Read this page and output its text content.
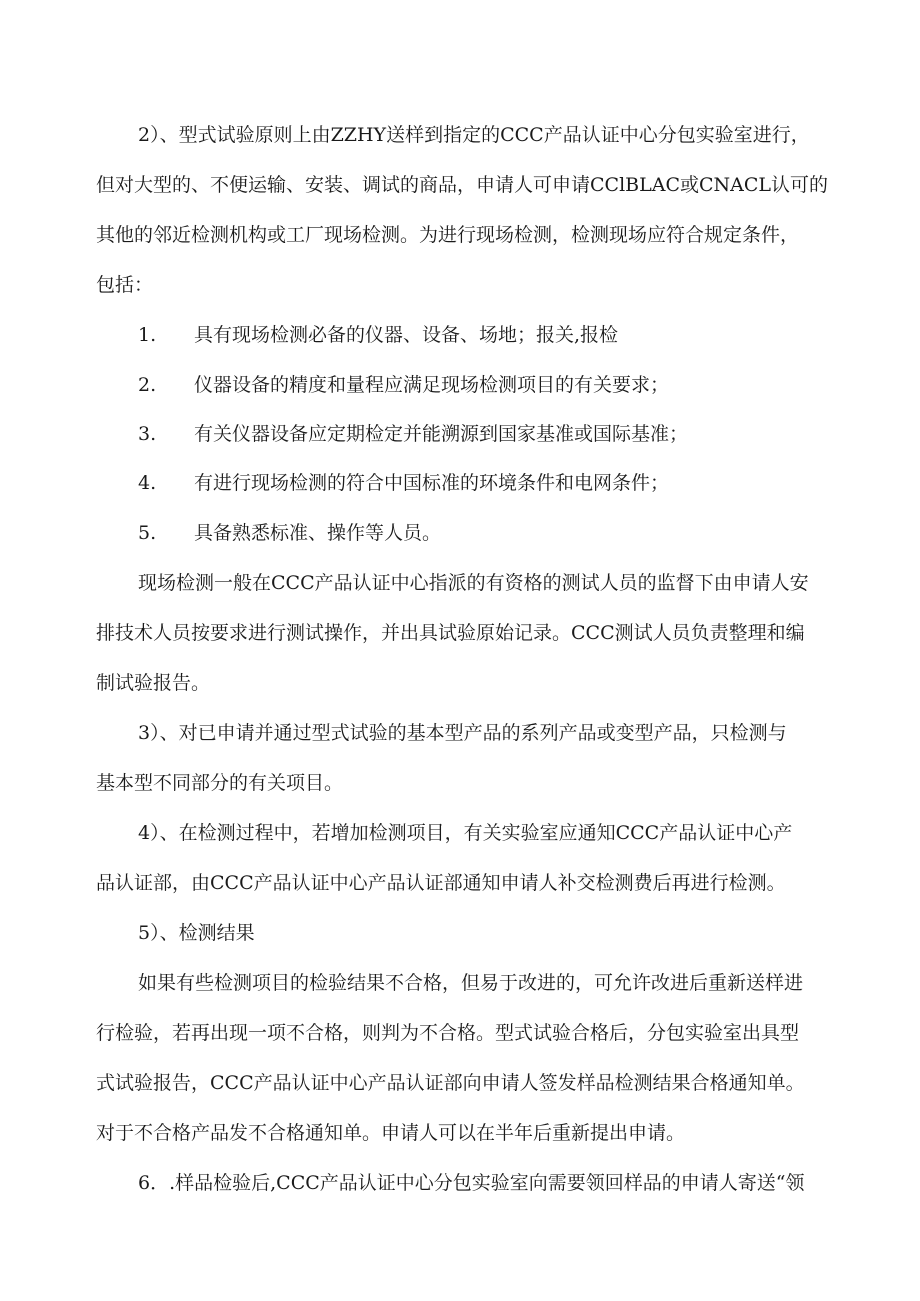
2）、型式试验原则上由ZZHY送样到指定的CCC产品认证中心分包实验室进行，
但对大型的、不便运输、安装、调试的商品，申请人可申请CClBLAC或CNACL认可的
其他的邻近检测机构或工厂现场检测。为进行现场检测，检测现场应符合规定条件，
包括：
1. 具有现场检测必备的仪器、设备、场地；报关,报检
2. 仪器设备的精度和量程应满足现场检测项目的有关要求；
3. 有关仪器设备应定期检定并能溯源到国家基准或国际基准；
4. 有进行现场检测的符合中国标准的环境条件和电网条件；
5. 具备熟悉标准、操作等人员。
现场检测一般在CCC产品认证中心指派的有资格的测试人员的监督下由申请人安
排技术人员按要求进行测试操作，并出具试验原始记录。CCC测试人员负责整理和编
制试验报告。
3）、对已申请并通过型式试验的基本型产品的系列产品或变型产品，只检测与
基本型不同部分的有关项目。
4）、在检测过程中，若增加检测项目，有关实验室应通知CCC产品认证中心产
品认证部，由CCC产品认证中心产品认证部通知申请人补交检测费后再进行检测。
5）、检测结果
如果有些检测项目的检验结果不合格，但易于改进的，可允许改进后重新送样进
行检验，若再出现一项不合格，则判为不合格。型式试验合格后，分包实验室出具型
式试验报告，CCC产品认证中心产品认证部向申请人签发样品检测结果合格通知单。
对于不合格产品发不合格通知单。申请人可以在半年后重新提出申请。
6．.样品检验后,CCC产品认证中心分包实验室向需要领回样品的申请人寄送“领
